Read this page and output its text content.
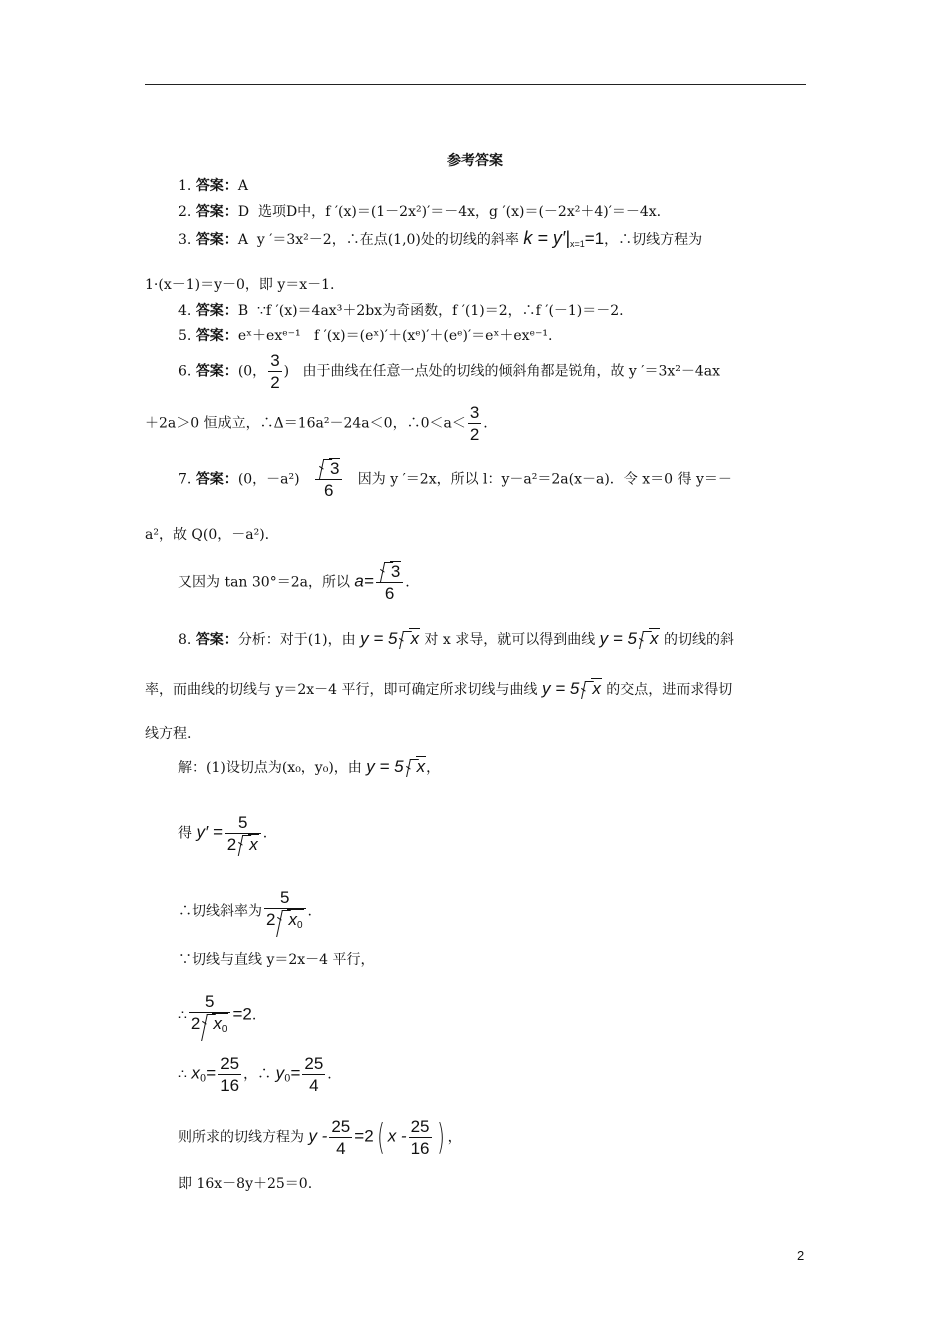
参考答案
1. 答案：A
2. 答案：D 选项D中，f ′(x)＝(1－2x²)′＝－4x，g ′(x)＝(－2x²＋4)′＝－4x.
3. 答案：A y ′＝3x²－2，∴在点(1,0)处的切线的斜率 $k = y'|_{x=1}=1$，∴切线方程为
1·(x－1)＝y－0，即 y＝x－1.
4. 答案：B ∵f ′(x)＝4ax³＋2bx为奇函数，f ′(1)＝2，∴f ′(－1)＝－2.
5. 答案：eˣ＋exᵉ⁻¹ f ′(x)＝(eˣ)′＋(xᵉ)′＋(eᵉ)′＝eˣ＋exᵉ⁻¹.
6. 答案：(0， $\frac{3}{2}$ ) 由于曲线在任意一点处的切线的倾斜角都是锐角，故 y ′＝3x²－4ax
＋2a＞0 恒成立，∴Δ＝16a²－24a＜0，∴0＜a＜ $\frac{3}{2}$ .
7. 答案：(0，$-a^2) \frac{3}{6}$ 因为 y ′＝2x，所以 l：y－a²＝2a(x－a)．令 x＝0 得 y＝－
a²，故 Q(0，－a²).
又因为 tan 30°＝2a，所以 $a= \frac{3}{6}$ .
8. 答案：分析：对于(1)，由 y = 5 x 对 x 求导，就可以得到曲线 y = 5 x 的切线的斜
率，而曲线的切线与 y＝2x－4 平行，即可确定所求切线与曲线 y = 5 x 的交点，进而求得切
线方程.
解：(1)设切点为(x₀，y₀)，由 y = 5 x，
得 $y' = \frac{5}{2 x}$ .
∴切线斜率为 $\frac{5}{2 x_0}$ .
∵切线与直线 y＝2x－4 平行，
∴ $\frac{5}{2 x_0} =2$.
∴ $x_0= \frac{25}{16}$ ，∴ $y_0= \frac{25}{4}$ .
则所求的切线方程为 $y - \frac{25}{4} =2$( x - $\frac{25}{16}$ ) ，
即 16x－8y＋25＝0.
2
